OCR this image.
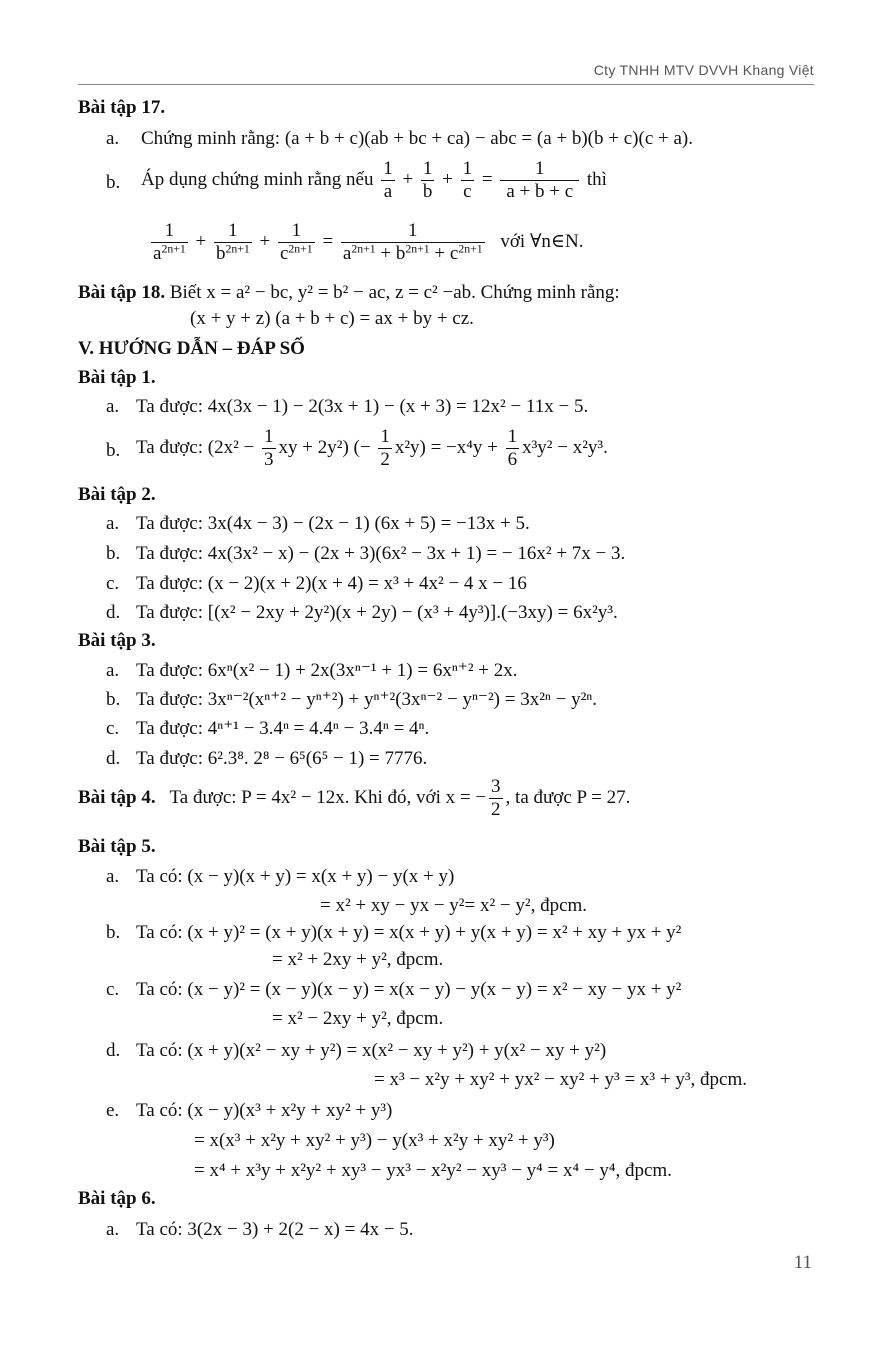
Cty TNHH MTV DVVH Khang Việt
Bài tập 17.
a. Chứng minh rằng: (a + b + c)(ab + bc + ca) − abc = (a + b)(b + c)(c + a).
b. Áp dụng chứng minh rằng nếu $\frac{1}{a} + \frac{1}{b} + \frac{1}{c} = \frac{1}{a + b + c}$ thì
$\frac{1}{a^{2n+1}} + \frac{1}{b^{2n+1}} + \frac{1}{c^{2n+1}} = \frac{1}{a^{2n+1} + b^{2n+1} + c^{2n+1}}$ với ∀n∈N.
Bài tập 18. Biết x = a² − bc, y² = b² − ac, z = c² −ab. Chứng minh rằng:
(x + y + z) (a + b + c) = ax + by + cz.
V. HƯỚNG DẪN – ĐÁP SỐ
Bài tập 1.
a. Ta được: 4x(3x − 1) − 2(3x + 1) − (x + 3) = 12x² − 11x − 5.
b. Ta được: ($2x^2 - \frac{1}{3}$ xy + 2y²) (− $\frac{1}{2} x^2y) = -x^4y + \frac{1}{6} x^3y^2 - x^2y^3$.
Bài tập 2.
a. Ta được: 3x(4x − 3) − (2x − 1) (6x + 5) = −13x + 5.
b. Ta được: 4x(3x² − x) − (2x + 3)(6x² − 3x + 1) = − 16x² + 7x − 3.
c. Ta được: (x − 2)(x + 2)(x + 4) = x³ + 4x² − 4 x − 16
d. Ta được: [(x² − 2xy + 2y²)(x + 2y) − (x³ + 4y³)].(−3xy) = 6x²y³.
Bài tập 3.
a. Ta được: 6xⁿ(x² − 1) + 2x(3xⁿ⁻¹ + 1) = 6xⁿ⁺² + 2x.
b. Ta được: 3xⁿ⁻²(xⁿ⁺² − yⁿ⁺²) + yⁿ⁺²(3xⁿ⁻² − yⁿ⁻²) = 3x²ⁿ − y²ⁿ.
c. Ta được: 4ⁿ⁺¹ − 3.4ⁿ = 4.4ⁿ − 3.4ⁿ = 4ⁿ.
d. Ta được: 6².3⁸. 2⁸ − 6⁵(6⁵ − 1) = 7776.
Bài tập 4. Ta được: P = 4x² − 12x. Khi đó, với x = − $\frac{3}{2}$ , ta được P = 27.
Bài tập 5.
a. Ta có: (x − y)(x + y) = x(x + y) − y(x + y)
= x² + xy − yx − y²= x² − y², đpcm.
b. Ta có: (x + y)² = (x + y)(x + y) = x(x + y) + y(x + y) = x² + xy + yx + y²
= x² + 2xy + y², đpcm.
c. Ta có: (x − y)² = (x − y)(x − y) = x(x − y) − y(x − y) = x² − xy − yx + y²
= x² − 2xy + y², đpcm.
d. Ta có: (x + y)(x² − xy + y²) = x(x² − xy + y²) + y(x² − xy + y²)
= x³ − x²y + xy² + yx² − xy² + y³ = x³ + y³, đpcm.
e. Ta có: (x − y)(x³ + x²y + xy² + y³)
= x(x³ + x²y + xy² + y³) − y(x³ + x²y + xy² + y³)
= x⁴ + x³y + x²y² + xy³ − yx³ − x²y² − xy³ − y⁴ = x⁴ − y⁴, đpcm.
Bài tập 6.
a. Ta có: 3(2x − 3) + 2(2 − x) = 4x − 5.
11
